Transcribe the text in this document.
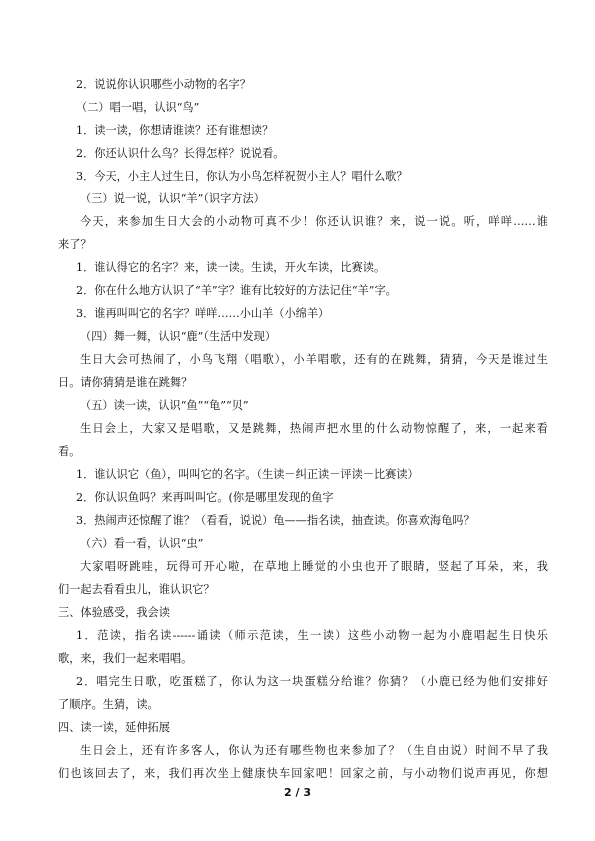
2．说说你认识哪些小动物的名字？
（二）唱一唱，认识“鸟”
1．读一读，你想请谁读？还有谁想读？
2．你还认识什么鸟？长得怎样？说说看。
3．今天，小主人过生日，你认为小鸟怎样祝贺小主人？唱什么歌？
（三）说一说，认识“羊”（识字方法）
今天，来参加生日大会的小动物可真不少！你还认识谁？来，说一说。听，咩咩……谁
来了？
1．谁认得它的名字？来，读一读。生读，开火车读，比赛读。
2．你在什么地方认识了“羊”字？谁有比较好的方法记住“羊”字。
3．谁再叫叫它的名字？咩咩……小山羊（小绵羊）
（四）舞一舞，认识“鹿”（生活中发现）
生日大会可热闹了，小鸟飞翔（唱歌），小羊唱歌，还有的在跳舞，猜猜，今天是谁过生
日。请你猜猜是谁在跳舞？
（五）读一读，认识“鱼”“龟”“贝”
生日会上，大家又是唱歌，又是跳舞，热闹声把水里的什么动物惊醒了，来，一起来看
看。
1．谁认识它（鱼），叫叫它的名字。（生读－纠正读－评读－比赛读）
2．你认识鱼吗？来再叫叫它。(你是哪里发现的鱼字
3．热闹声还惊醒了谁？（看看，说说）龟——指名读，抽查读。你喜欢海龟吗？
（六）看一看，认识“虫”
大家唱呀跳哇，玩得可开心啦，在草地上睡觉的小虫也开了眼睛，竖起了耳朵，来，我
们一起去看看虫儿，谁认识它？
三、体验感受，我会读
1．范读，指名读------诵读（师示范读，生一读）这些小动物一起为小鹿唱起生日快乐
歌，来，我们一起来唱唱。
2．唱完生日歌，吃蛋糕了，你认为这一块蛋糕分给谁？你猜？（小鹿已经为他们安排好
了顺序。生猜，读。
四、读一读，延伸拓展
生日会上，还有许多客人，你认为还有哪些物也来参加了？（生自由说）时间不早了我
们也该回去了，来，我们再次坐上健康快车回家吧！回家之前，与小动物们说声再见，你想
2 / 3
